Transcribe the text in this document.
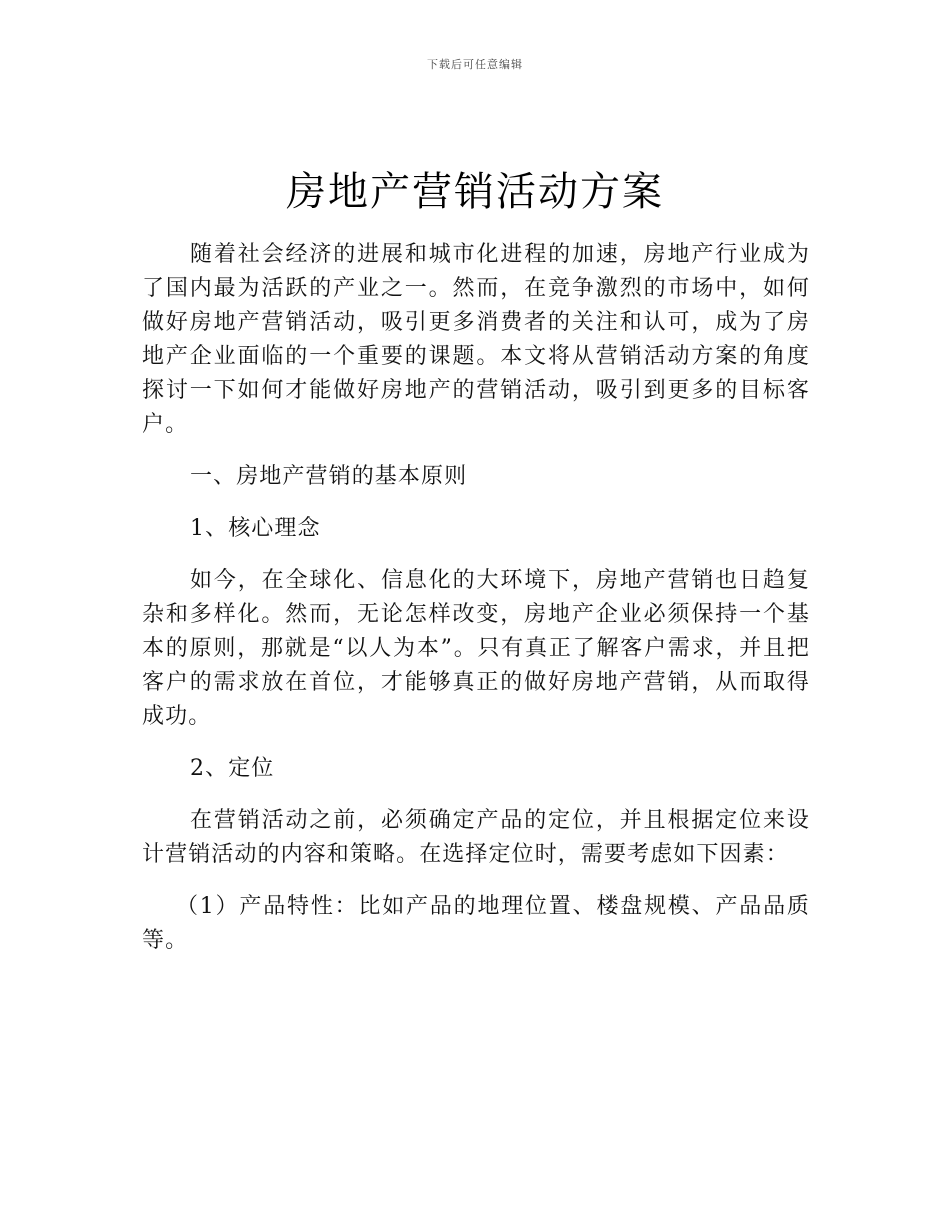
下载后可任意编辑
房地产营销活动方案

随着社会经济的进展和城市化进程的加速，房地产行业成为了国内最为活跃的产业之一。然而，在竞争激烈的市场中，如何做好房地产营销活动，吸引更多消费者的关注和认可，成为了房地产企业面临的一个重要的课题。本文将从营销活动方案的角度探讨一下如何才能做好房地产的营销活动，吸引到更多的目标客户。

一、房地产营销的基本原则
1、核心理念

如今，在全球化、信息化的大环境下，房地产营销也日趋复杂和多样化。然而，无论怎样改变，房地产企业必须保持一个基本的原则，那就是“以人为本”。只有真正了解客户需求，并且把客户的需求放在首位，才能够真正的做好房地产营销，从而取得成功。

2、定位

在营销活动之前，必须确定产品的定位，并且根据定位来设计营销活动的内容和策略。在选择定位时，需要考虑如下因素：

（1）产品特性：比如产品的地理位置、楼盘规模、产品品质等。
